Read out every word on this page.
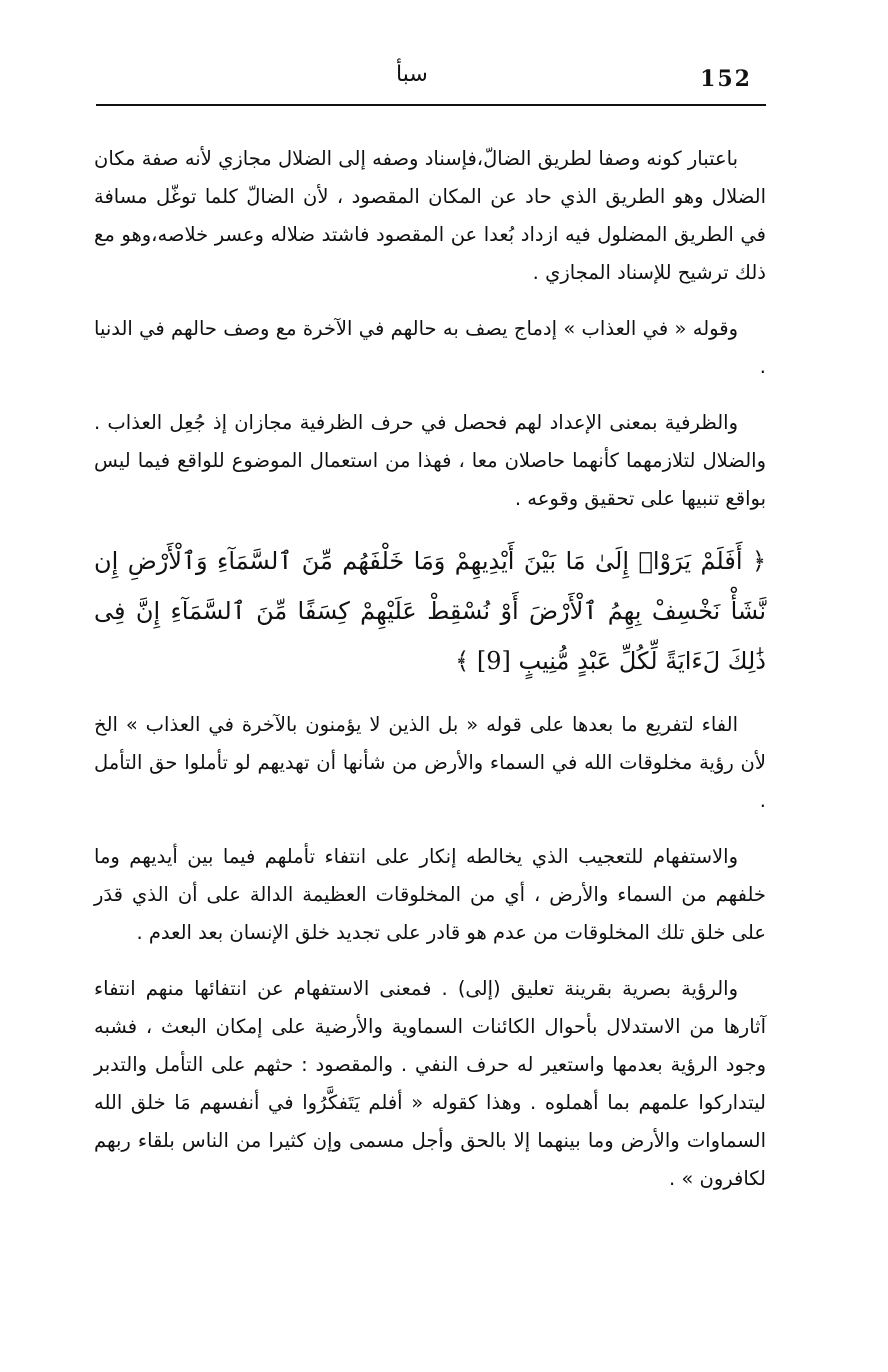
152
سبأ

باعتبار كونه وصفا لطريق الضالّ،فإسناد وصفه إلى الضلال مجازي لأنه صفة مكان الضلال وهو الطريق الذي حاد عن المكان المقصود ، لأن الضالّ كلما توغّل مسافة في الطريق المضلول فيه ازداد بُعدا عن المقصود فاشتد ضلاله وعسر خلاصه،وهو مع ذلك ترشيح للإسناد المجازي .

وقوله « في العذاب » إدماج يصف به حالهم في الآخرة مع وصف حالهم في الدنيا .

والظرفية بمعنى الإعداد لهم فحصل في حرف الظرفية مجازان إذ جُعِل العذاب . والضلال لتلازمهما كأنهما حاصلان معا ، فهذا من استعمال الموضوع للواقع فيما ليس بواقع تنبيها على تحقيق وقوعه .

﴿ أَفَلَمْ يَرَوْا۟ إِلَىٰ مَا بَيْنَ أَيْدِيهِمْ وَمَا خَلْفَهُم مِّنَ ٱلسَّمَآءِ وَٱلْأَرْضِ إِن نَّشَأْ نَخْسِفْ بِهِمُ ٱلْأَرْضَ أَوْ نُسْقِطْ عَلَيْهِمْ كِسَفًا مِّنَ ٱلسَّمَآءِ إِنَّ فِى ذَٰلِكَ لَءَايَةً لِّكُلِّ عَبْدٍ مُّنِيبٍ [9] ﴾

الفاء لتفريع ما بعدها على قوله « بل الذين لا يؤمنون بالآخرة في العذاب » الخ لأن رؤية مخلوقات الله في السماء والأرض من شأنها أن تهديهم لو تأملوا حق التأمل .

والاستفهام للتعجيب الذي يخالطه إنكار على انتفاء تأملهم فيما بين أيديهم وما خلفهم من السماء والأرض ، أي من المخلوقات العظيمة الدالة على أن الذي قدَر على خلق تلك المخلوقات من عدم هو قادر على تجديد خلق الإنسان بعد العدم .

والرؤية بصرية بقرينة تعليق (إلى) . فمعنى الاستفهام عن انتفائها منهم انتفاء آثارها من الاستدلال بأحوال الكائنات السماوية والأرضية على إمكان البعث ، فشبه وجود الرؤية بعدمها واستعير له حرف النفي . والمقصود : حثهم على التأمل والتدبر ليتداركوا علمهم بما أهملوه . وهذا كقوله « أفلم يَتَفكَّرُوا في أنفسهم مَا خلق الله السماوات والأرض وما بينهما إلا بالحق وأجل مسمى وإن كثيرا من الناس بلقاء ربهم لكافرون » .
